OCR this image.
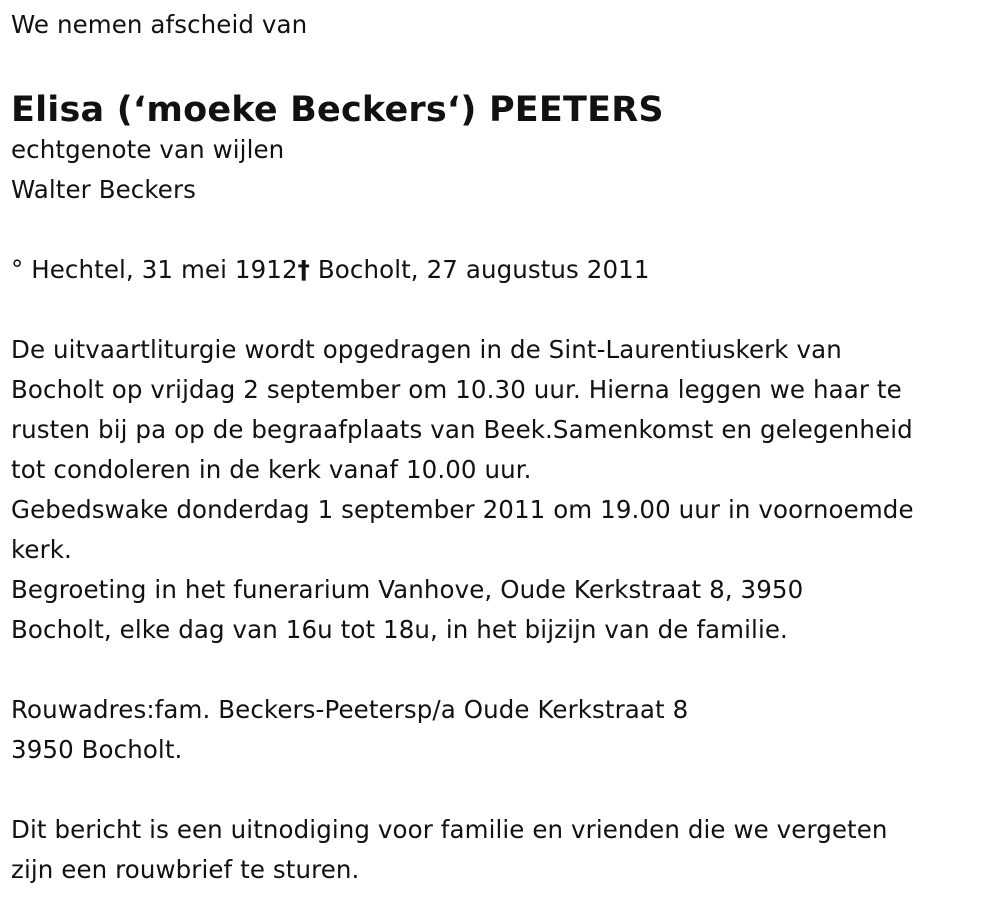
We nemen afscheid van
Elisa (‘moeke Beckers‘) PEETERS
echtgenote van wijlen
Walter Beckers
° Hechtel, 31 mei 1912† Bocholt, 27 augustus 2011
De uitvaartliturgie wordt opgedragen in de Sint-Laurentiuskerk van
Bocholt op vrijdag 2 september om 10.30 uur. Hierna leggen we haar te
rusten bij pa op de begraafplaats van Beek.Samenkomst en gelegenheid
tot condoleren in de kerk vanaf 10.00 uur.
Gebedswake donderdag 1 september 2011 om 19.00 uur in voornoemde
kerk.
Begroeting in het funerarium Vanhove, Oude Kerkstraat 8, 3950
Bocholt, elke dag van 16u tot 18u, in het bijzijn van de familie.
Rouwadres:fam. Beckers-Peetersp/a Oude Kerkstraat 8
3950 Bocholt.
Dit bericht is een uitnodiging voor familie en vrienden die we vergeten
zijn een rouwbrief te sturen.
